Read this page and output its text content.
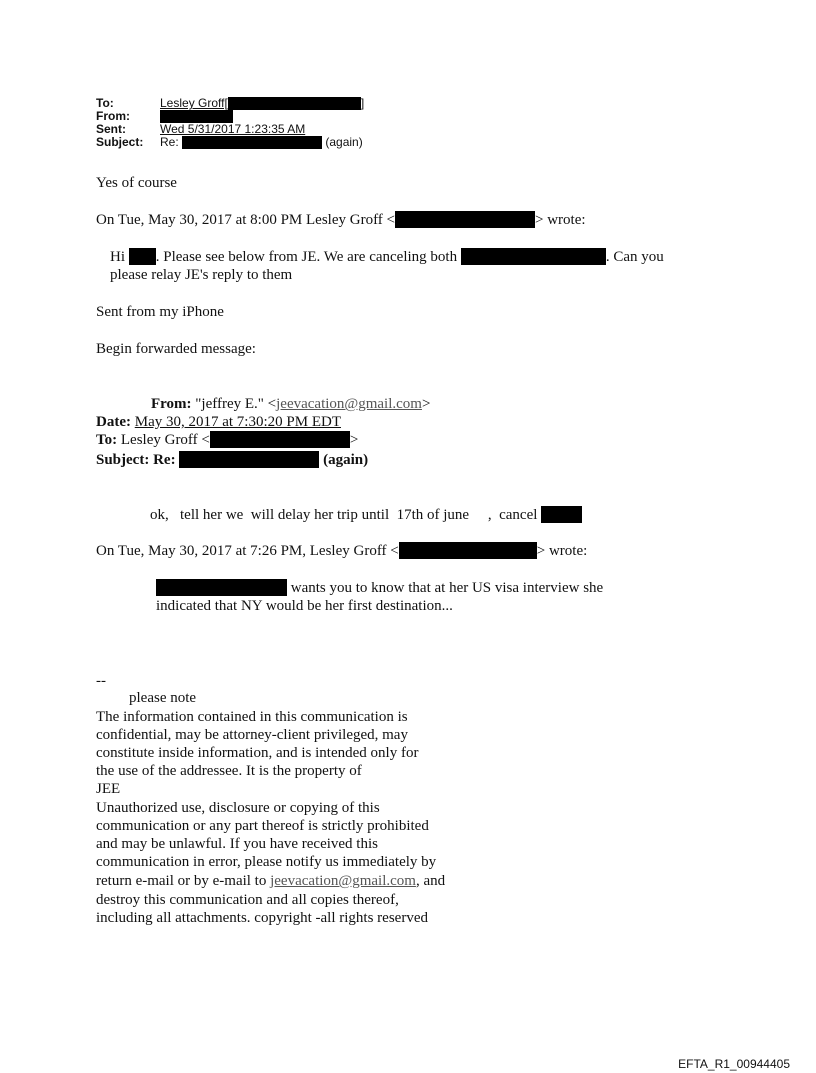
To:	Lesley Groff[	]
From:
Sent:	Wed 5/31/2017 1:23:35 AM
Subject:	Re:	(again)
Yes of course
On Tue, May 30, 2017 at 8:00 PM Lesley Groff <	> wrote:
Hi . Please see below from JE. We are canceling both	. Can you
please relay JE's reply to them
Sent from my iPhone
Begin forwarded message:
From: "jeffrey E." <jeevacation@gmail.com>
Date: May 30, 2017 at 7:30:20 PM EDT
To: Lesley Groff <	>
Subject: Re:	(again)
ok,   tell her we  will delay her trip until  17th of june     ,  cancel
On Tue, May 30, 2017 at 7:26 PM, Lesley Groff <	> wrote:
wants you to know that at her US visa interview she
indicated that NY would be her first destination...
--
please note
The information contained in this communication is
confidential, may be attorney-client privileged, may
constitute inside information, and is intended only for
the use of the addressee. It is the property of
JEE
Unauthorized use, disclosure or copying of this
communication or any part thereof is strictly prohibited
and may be unlawful. If you have received this
communication in error, please notify us immediately by
return e-mail or by e-mail to jeevacation@gmail.com, and
destroy this communication and all copies thereof,
including all attachments. copyright -all rights reserved
EFTA_R1_00944405
